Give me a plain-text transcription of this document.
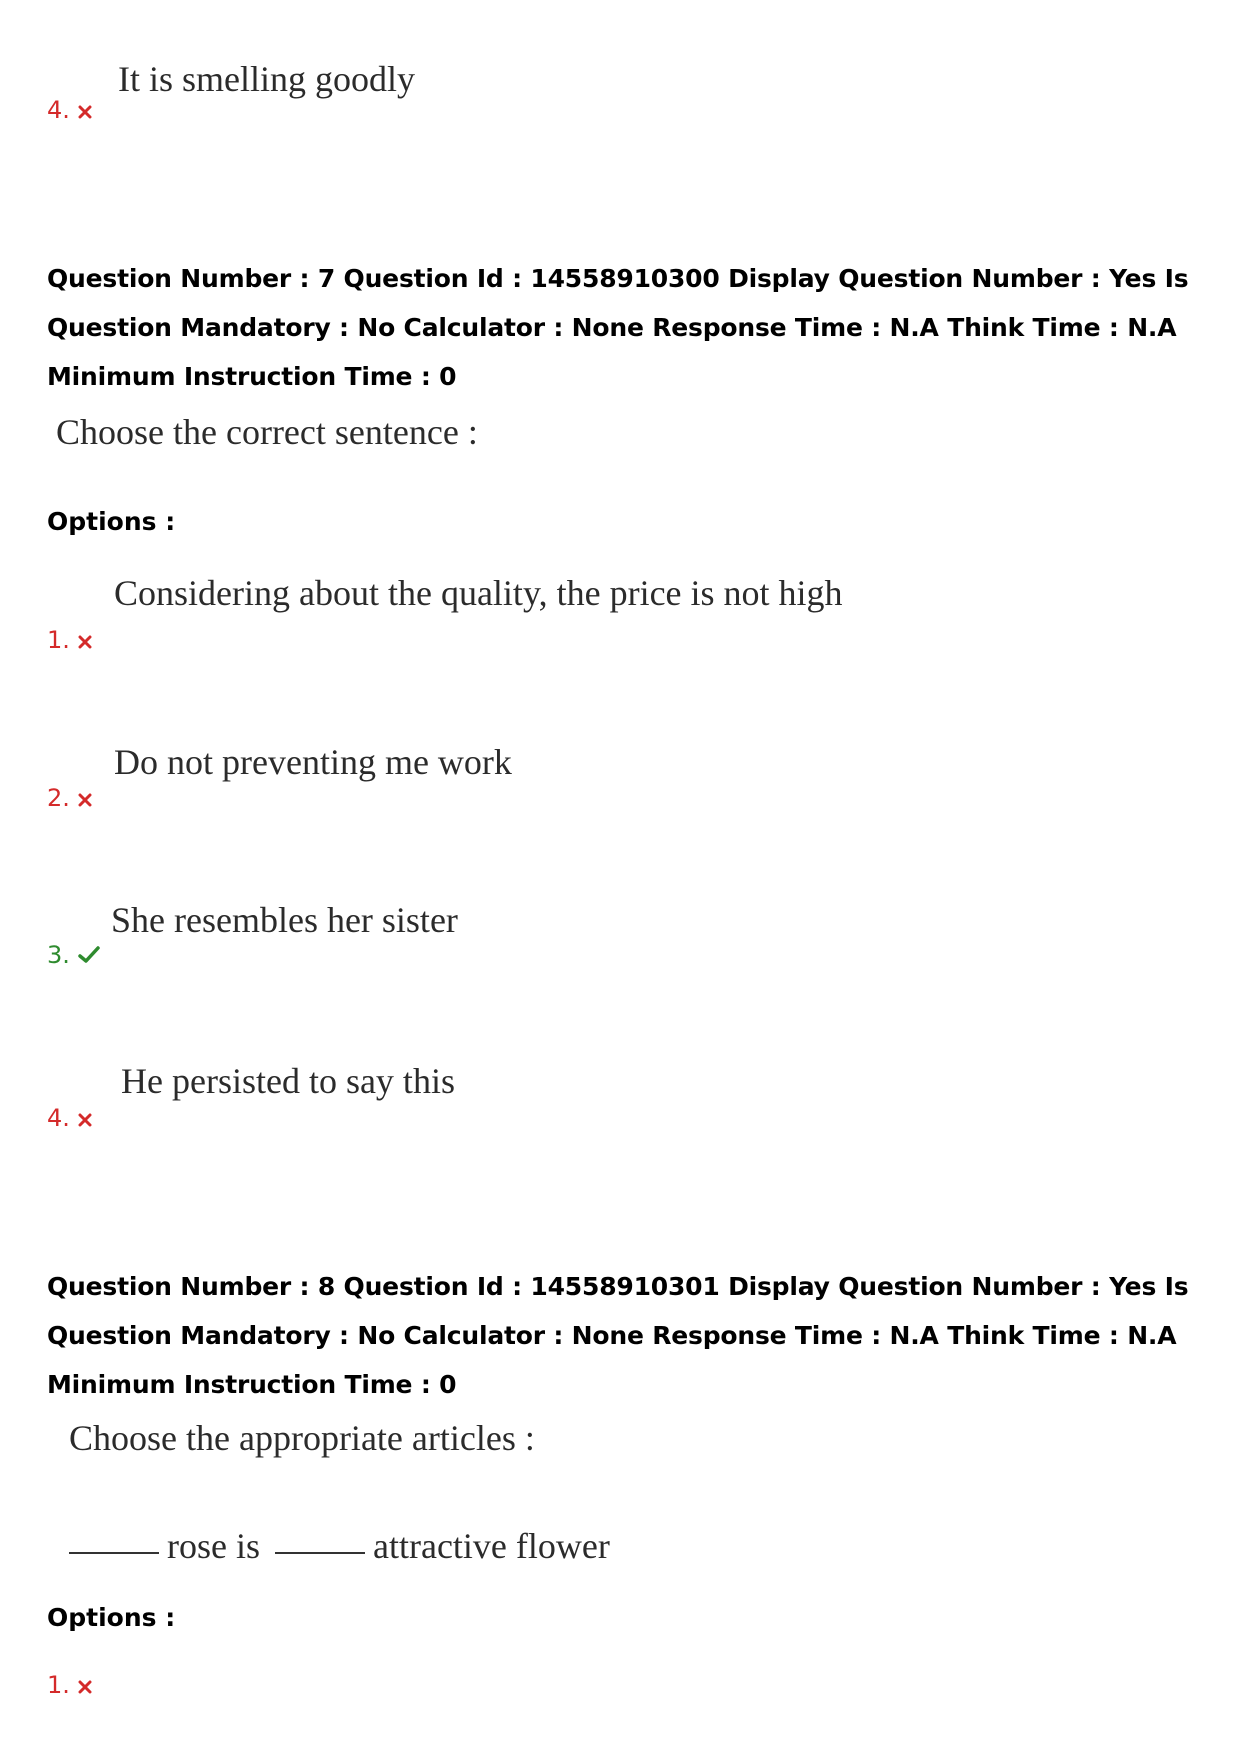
It is smelling goodly
4.
Question Number : 7 Question Id : 14558910300 Display Question Number : Yes Is Question Mandatory : No Calculator : None Response Time : N.A Think Time : N.A Minimum Instruction Time : 0
Choose the correct sentence :
Options :
Considering about the quality, the price is not high
1.
Do not preventing me work
2.
She resembles her sister
3.
He persisted to say this
4.
Question Number : 8 Question Id : 14558910301 Display Question Number : Yes Is Question Mandatory : No Calculator : None Response Time : N.A Think Time : N.A Minimum Instruction Time : 0
Choose the appropriate articles :
rose is	attractive flower
Options :
1.
